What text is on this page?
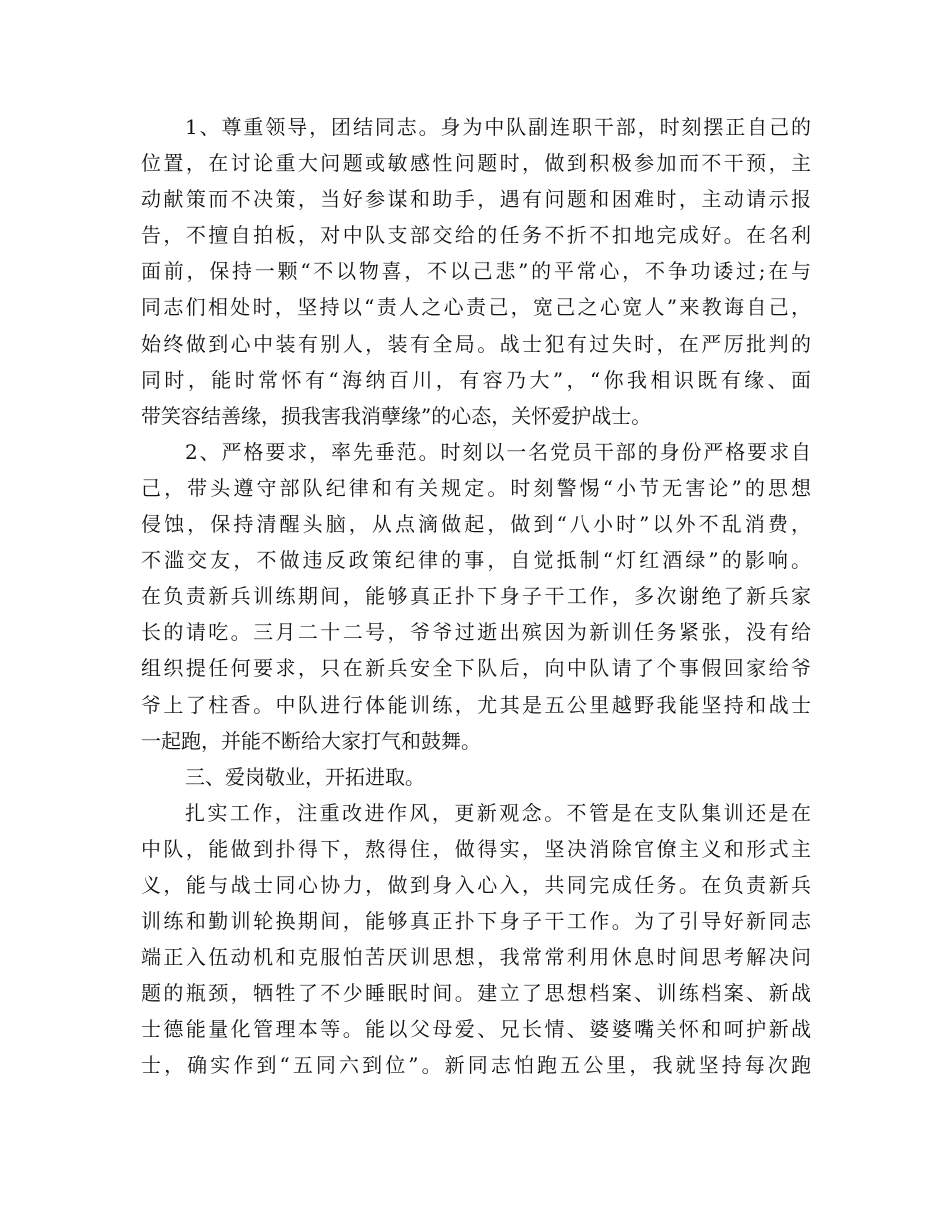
1、尊重领导，团结同志。身为中队副连职干部，时刻摆正自己的
位置，在讨论重大问题或敏感性问题时，做到积极参加而不干预，主
动献策而不决策，当好参谋和助手，遇有问题和困难时，主动请示报
告，不擅自拍板，对中队支部交给的任务不折不扣地完成好。在名利
面前，保持一颗“不以物喜，不以己悲”的平常心，不争功诿过;在与
同志们相处时，坚持以“责人之心责己，宽己之心宽人”来教诲自己，
始终做到心中装有别人，装有全局。战士犯有过失时，在严厉批判的
同时，能时常怀有“海纳百川，有容乃大”，“你我相识既有缘、面
带笑容结善缘，损我害我消孽缘”的心态，关怀爱护战士。
2、严格要求，率先垂范。时刻以一名党员干部的身份严格要求自
己，带头遵守部队纪律和有关规定。时刻警惕“小节无害论”的思想
侵蚀，保持清醒头脑，从点滴做起，做到“八小时”以外不乱消费，
不滥交友，不做违反政策纪律的事，自觉抵制“灯红酒绿”的影响。
在负责新兵训练期间，能够真正扑下身子干工作，多次谢绝了新兵家
长的请吃。三月二十二号，爷爷过逝出殡因为新训任务紧张，没有给
组织提任何要求，只在新兵安全下队后，向中队请了个事假回家给爷
爷上了柱香。中队进行体能训练，尤其是五公里越野我能坚持和战士
一起跑，并能不断给大家打气和鼓舞。
三、爱岗敬业，开拓进取。
扎实工作，注重改进作风，更新观念。不管是在支队集训还是在
中队，能做到扑得下，熬得住，做得实，坚决消除官僚主义和形式主
义，能与战士同心协力，做到身入心入，共同完成任务。在负责新兵
训练和勤训轮换期间，能够真正扑下身子干工作。为了引导好新同志
端正入伍动机和克服怕苦厌训思想，我常常利用休息时间思考解决问
题的瓶颈，牺牲了不少睡眠时间。建立了思想档案、训练档案、新战
士德能量化管理本等。能以父母爱、兄长情、婆婆嘴关怀和呵护新战
士，确实作到“五同六到位”。新同志怕跑五公里，我就坚持每次跑
